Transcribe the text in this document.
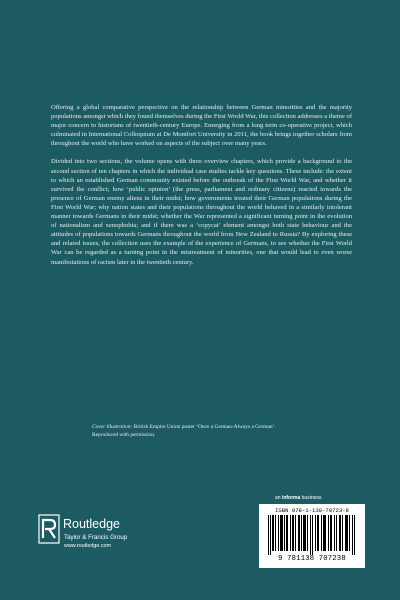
Offering a global comparative perspective on the relationship between German minorities and the majority populations amongst which they found themselves during the First World War, this collection addresses a theme of major concern to historians of twentieth-century Europe. Emerging from a long term co-operative project, which culminated in International Colloquium at De Montfort University in 2011, the book brings together scholars from throughout the world who have worked on aspects of the subject over many years.

Divided into two sections, the volume opens with three overview chapters, which provide a background to the second section of ten chapters in which the individual case studies tackle key questions. These include: the extent to which an established German community existed before the outbreak of the First World War, and whether it survived the conflict; how ‘public opinion’ (the press, parliament and ordinary citizens) reacted towards the presence of German enemy aliens in their midst; how governments treated their German populations during the First World War; why nation states and their populations throughout the world behaved in a similarly intolerant manner towards Germans in their midst; whether the War represented a significant turning point in the evolution of nationalism and xenophobia; and if there was a ‘copycat’ element amongst both state behaviour and the attitudes of populations towards Germans throughout the world from New Zealand to Russia? By exploring these and related issues, the collection uses the example of the experience of Germans, to see whether the First World War can be regarded as a turning point in the mistreatment of minorities, one that would lead to even worse manifestations of racism later in the twentieth century.

Cover illustration: British Empire Union poster ‘Once a German-Always a German’.
Reproduced with permission.
an informa business
ISBN 978-1-138-70723-8
9 781138 707238
Routledge
Taylor & Francis Group
www.routledge.com
